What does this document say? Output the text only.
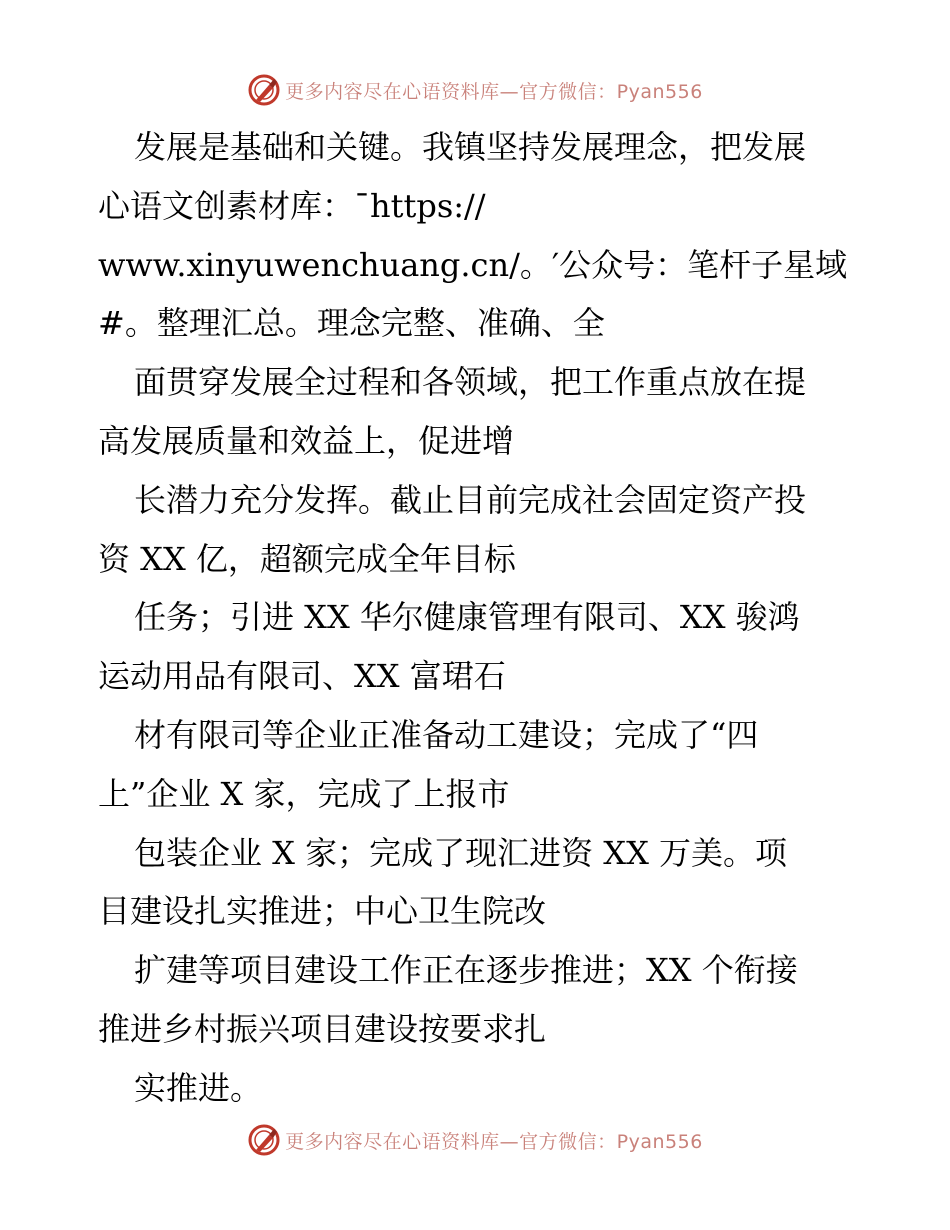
更多内容尽在心语资料库—官方微信：Pyan556
发展是基础和关键。我镇坚持发展理念，把发展
心语文创素材库：¯https://
www.xinyuwenchuang.cn/。′公众号：笔杆子星域
#。整理汇总。理念完整、准确、全
面贯穿发展全过程和各领域，把工作重点放在提
高发展质量和效益上，促进增
长潜力充分发挥。截止目前完成社会固定资产投
资 XX 亿，超额完成全年目标
任务；引进 XX 华尔健康管理有限司、XX 骏鸿
运动用品有限司、XX 富珺石
材有限司等企业正准备动工建设；完成了“四
上”企业 X 家，完成了上报市
包装企业 X 家；完成了现汇进资 XX 万美。项
目建设扎实推进；中心卫生院改
扩建等项目建设工作正在逐步推进；XX 个衔接
推进乡村振兴项目建设按要求扎
实推进。
更多内容尽在心语资料库—官方微信：Pyan556
